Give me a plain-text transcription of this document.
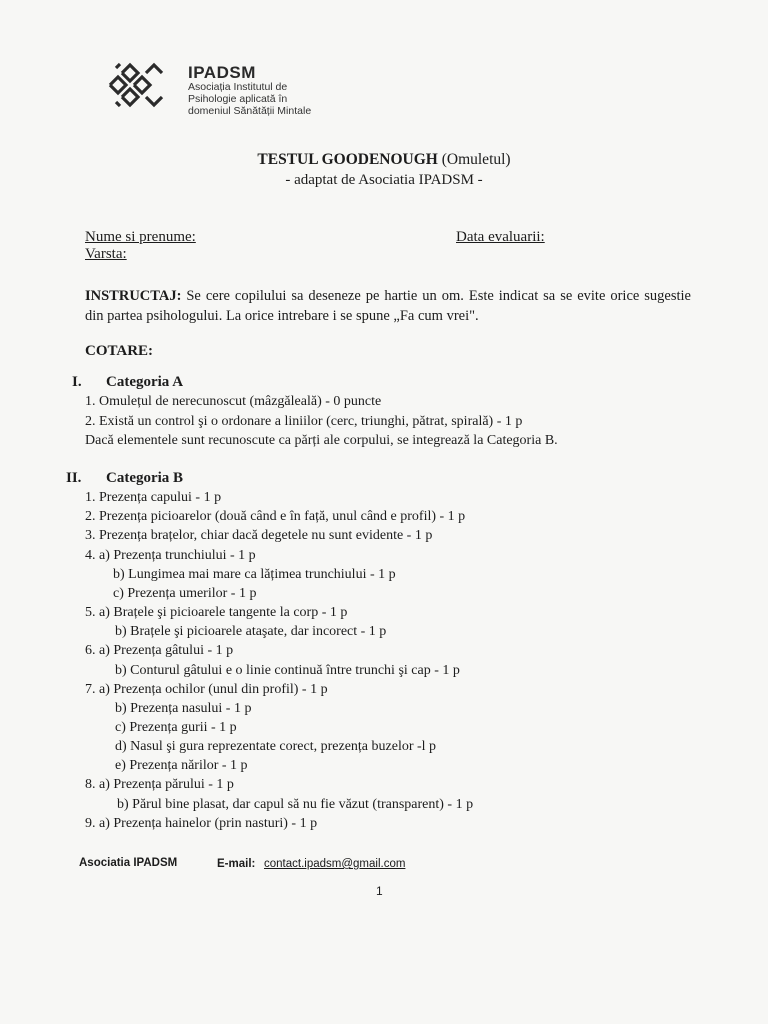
IPADSM
Asociația Institutul de
Psihologie aplicată în
domeniul Sănătății Mintale
TESTUL GOODENOUGH (Omuletul)
- adaptat de Asociatia IPADSM -
Nume si prenume:	Data evaluarii:
Varsta:
INSTRUCTAJ: Se cere copilului sa deseneze pe hartie un om. Este indicat sa se evite orice sugestie din partea psihologului. La orice intrebare i se spune „Fa cum vrei".
COTARE:
I. Categoria A
1. Omulețul de nerecunoscut (mâzgăleală) - 0 puncte
2. Există un control şi o ordonare a liniilor (cerc, triunghi, pătrat, spirală) - 1 p
Dacă elementele sunt recunoscute ca părți ale corpului, se integrează la Categoria B.
II. Categoria B
1. Prezența capului - 1 p
2. Prezența picioarelor (două când e în față, unul când e profil) - 1 p
3. Prezența brațelor, chiar dacă degetele nu sunt evidente - 1 p
4. a) Prezența trunchiului - 1 p
b) Lungimea mai mare ca lățimea trunchiului - 1 p
c) Prezența umerilor - 1 p
5. a) Brațele şi picioarele tangente la corp - 1 p
b) Brațele şi picioarele ataşate, dar incorect - 1 p
6. a) Prezența gâtului - 1 p
b) Conturul gâtului e o linie continuă între trunchi şi cap - 1 p
7. a) Prezența ochilor (unul din profil) - 1 p
b) Prezența nasului - 1 p
c) Prezența gurii - 1 p
d) Nasul şi gura reprezentate corect, prezența buzelor -l p
e) Prezența nărilor - 1 p
8. a) Prezența părului - 1 p
b) Părul bine plasat, dar capul să nu fie văzut (transparent) - 1 p
9. a) Prezența hainelor (prin nasturi) - 1 p
Asociatia IPADSM	E-mail: contact.ipadsm@gmail.com
1
